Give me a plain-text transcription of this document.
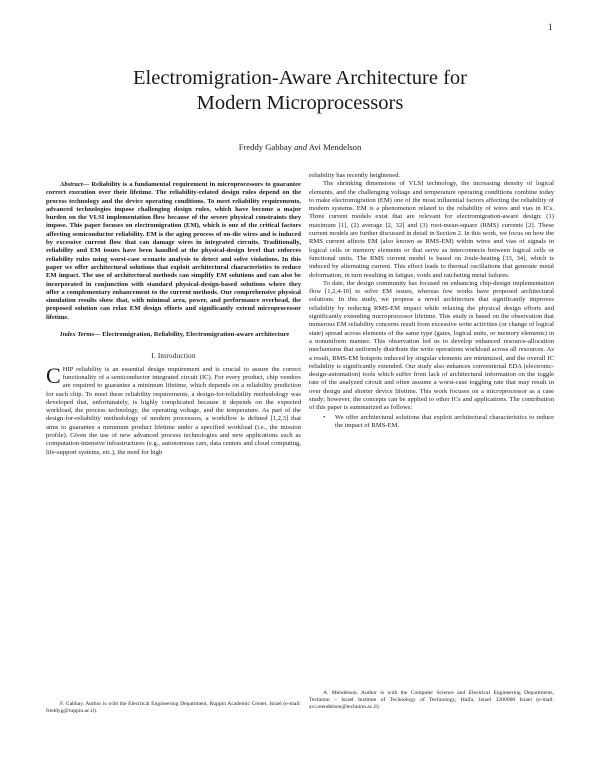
1
Electromigration-Aware Architecture for
Modern Microprocessors
Freddy Gabbay and Avi Mendelson

Abstract— Reliability is a fundamental requirement in microprocessors to guarantee correct execution over their lifetime. The reliability-related design rules depend on the process technology and the device operating conditions. To meet reliability requirements, advanced technologies impose challenging design rules, which have become a major burden on the VLSI implementation flow because of the severe physical constraints they impose. This paper focuses on electromigration (EM), which is one of the critical factors affecting semiconductor reliability. EM is the aging process of on-die wires and is induced by excessive current flow that can damage wires in integrated circuits. Traditionally, reliability and EM issues have been handled at the physical-design level that enforces reliability rules using worst-case scenario analysis to detect and solve violations. In this paper we offer architectural solutions that exploit architectural characteristics to reduce EM impact. The use of architectural methods can simplify EM solutions and can also be incorporated in conjunction with standard physical-design-based solutions where they offer a complementary enhancement to the current methods. Our comprehensive physical simulation results show that, with minimal area, power, and performance overhead, the proposed solution can relax EM design efforts and significantly extend microprocessor lifetime.

Index Terms— Electromigration, Reliability, Electromigration-aware architecture

I. Introduction

CHIP reliability is an essential design requirement and is crucial to assure the correct functionality of a semiconductor integrated circuit (IC). For every product, chip vendors are required to guarantee a minimum lifetime, which depends on a reliability prediction for each chip. To meet these reliability requirements, a design-for-reliability methodology was developed that, unfortunately, is highly complicated because it depends on the expected workload, the process technology, the operating voltage, and the temperature. As part of the design-for-reliability methodology of modern processors, a workflow is defined [1,2,3] that aims to guarantee a minimum product lifetime under a specified workload (i.e., the mission profile). Given the use of new advanced process technologies and new applications such as computation-intensive infrastructures (e.g., autonomous cars, data centers and cloud computing, life-support systems, etc.), the need for high

reliability has recently heightened.

The shrinking dimensions of VLSI technology, the increasing density of logical elements, and the challenging voltage and temperature operating conditions combine today to make electromigration (EM) one of the most influential factors affecting the reliability of modern systems. EM is a phenomenon related to the reliability of wires and vias in ICs. Three current models exist that are relevant for electromigration-aware design: (1) maximum [1], (2) average [2, 32] and (3) root-mean-square (RMS) currents [2]. These current models are further discussed in detail in Section 2. In this work, we focus on how the RMS current affects EM (also known as RMS-EM) within wires and vias of signals in logical cells or memory elements or that serve as interconnects between logical cells or functional units. The RMS current model is based on Joule-heating [33, 34], which is induced by alternating current. This effect leads to thermal oscillations that generate metal deformation, in turn resulting in fatigue, voids and ratcheting metal failures.

To date, the design community has focused on enhancing chip-design implementation flow [1,2,4-10] to solve EM issues, whereas few works have proposed architectural solutions. In this study, we propose a novel architecture that significantly improves reliability by reducing RMS-EM impact while relaxing the physical design efforts and significantly extending microprocessor lifetime. This study is based on the observation that numerous EM reliability concerns result from excessive write activities (or change of logical state) spread across elements of the same type (gates, logical units, or memory elements) in a nonuniform manner. This observation led us to develop enhanced resource-allocation mechanisms that uniformly distribute the write operations workload across all resources. As a result, RMS-EM hotspots induced by singular elements are minimized, and the overall IC reliability is significantly extended. Our study also enhances conventional EDA (electronic-design-automation) tools which suffer from lack of architectural information on the toggle rate of the analyzed circuit and often assume a worst-case toggling rate that may result in over design and shorter device lifetime. This work focuses on a microprocessor as a case study; however, the concepts can be applied to other ICs and applications. The contribution of this paper is summarized as follows:

• We offer architectural solutions that exploit architectural characteristics to reduce the impact of RMS-EM.

F. Gabbay. Author is with the Electrical Engineering Department, Ruppin Academic Center, Israel (e-mail: freddyg@ruppin.ac.il).

A. Mendelson. Author is with the Computer Science and Electrical Engineering Departments, Technion – Israel Institute of Technology of Technology, Haifa, Israel 3200000 Israel (e-mail: avi.mendelson@technion.ac.il).
